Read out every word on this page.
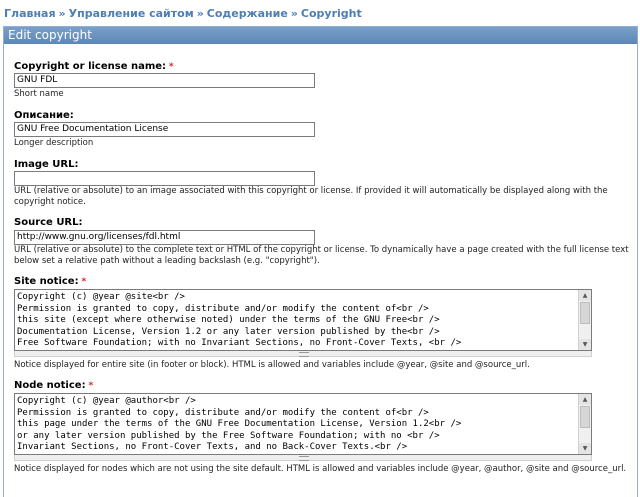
Главная » Управление сайтом » Содержание » Copyright
Edit copyright
Copyright or license name: *
GNU FDL
Short name
Описание:
GNU Free Documentation License
Longer description
Image URL:
URL (relative or absolute) to an image associated with this copyright or license. If provided it will automatically be displayed along with the copyright notice.
Source URL:
http://www.gnu.org/licenses/fdl.html
URL (relative or absolute) to the complete text or HTML of the copyright or license. To dynamically have a page created with the full license text below set a relative path without a leading backslash (e.g. "copyright").
Site notice: *
Copyright (c) @year @site<br />
Permission is granted to copy, distribute and/or modify the content of<br />
this site (except where otherwise noted) under the terms of the GNU Free<br />
Documentation License, Version 1.2 or any later version published by the<br />
Free Software Foundation; with no Invariant Sections, no Front-Cover Texts, <br />
▲
▼
Notice displayed for entire site (in footer or block). HTML is allowed and variables include @year, @site and @source_url.
Node notice: *
Copyright (c) @year @author<br />
Permission is granted to copy, distribute and/or modify the content of<br />
this page under the terms of the GNU Free Documentation License, Version 1.2<br />
or any later version published by the Free Software Foundation; with no <br />
Invariant Sections, no Front-Cover Texts, and no Back-Cover Texts.<br />
▲
▼
Notice displayed for nodes which are not using the site default. HTML is allowed and variables include @year, @author, @site and @source_url.
